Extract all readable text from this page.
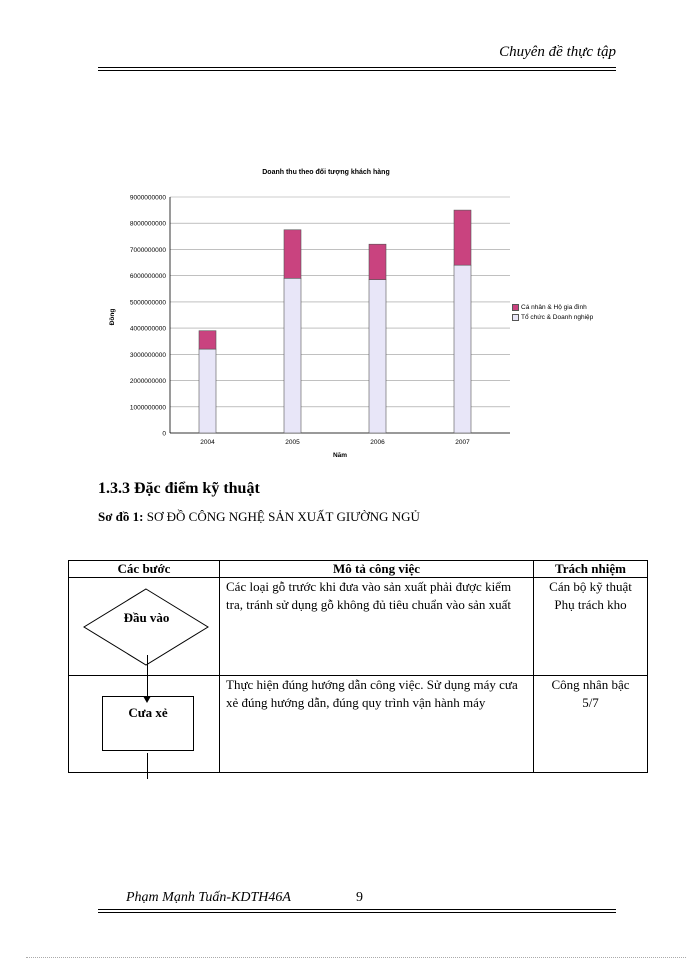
Chuyên đề thực tập
Doanh thu theo đối tượng khách hàng
0
1000000000
2000000000
3000000000
4000000000
5000000000
6000000000
7000000000
8000000000
9000000000
2004	2005	2006	2007
Năm
Đồng
1.3.3 Đặc điểm kỹ thuật
Sơ đồ 1: SƠ ĐỒ CÔNG NGHỆ SẢN XUẤT GIƯỜNG NGỦ
Các bước	Mô tả công việc	Trách nhiệm

Đầu vào	Các loại gỗ trước khi đưa vào sản xuất phải được kiểm tra, tránh sử dụng gỗ không đủ tiêu chuẩn vào sản xuất	Cán bộ kỹ thuật
Phụ trách kho

Cưa xẻ	Thực hiện đúng hướng dẫn công việc. Sử dụng máy cưa xẻ đúng hướng dẫn, đúng quy trình vận hành máy	Công nhân bậc
5/7
Phạm Mạnh Tuấn-KDTH46A	9
Cá nhân & Hộ gia đình
Tổ chức & Doanh nghiệp
